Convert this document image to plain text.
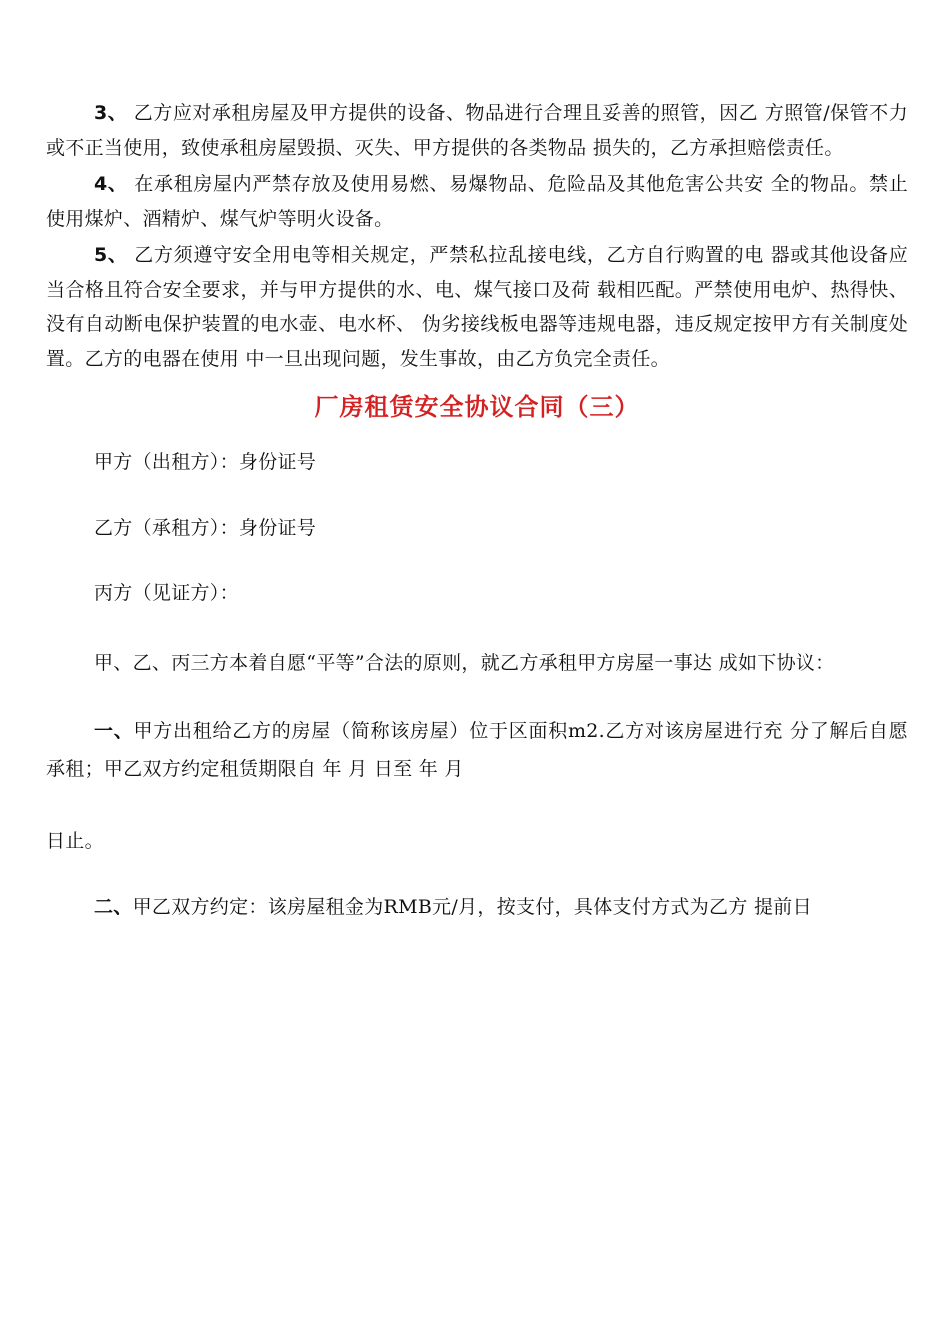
3、 乙方应对承租房屋及甲方提供的设备、物品进行合理且妥善的照管，因乙 方照管/保管不力或不正当使用，致使承租房屋毁损、灭失、甲方提供的各类物品 损失的，乙方承担赔偿责任。

4、 在承租房屋内严禁存放及使用易燃、易爆物品、危险品及其他危害公共安 全的物品。禁止使用煤炉、酒精炉、煤气炉等明火设备。

5、 乙方须遵守安全用电等相关规定，严禁私拉乱接电线，乙方自行购置的电 器或其他设备应当合格且符合安全要求，并与甲方提供的水、电、煤气接口及荷 载相匹配。严禁使用电炉、热得快、没有自动断电保护装置的电水壶、电水杯、 伪劣接线板电器等违规电器，违反规定按甲方有关制度处置。乙方的电器在使用 中一旦出现问题，发生事故，由乙方负完全责任。

厂房租赁安全协议合同（三）

甲方（出租方）：身份证号

乙方（承租方）：身份证号

丙方（见证方）：

甲、乙、丙三方本着自愿“平等”合法的原则，就乙方承租甲方房屋一事达 成如下协议：

一、甲方出租给乙方的房屋（简称该房屋）位于区面积m2.乙方对该房屋进行充 分了解后自愿承租；甲乙双方约定租赁期限自 年 月 日至 年 月

日止。

二、甲乙双方约定：该房屋租金为RMB元/月，按支付，具体支付方式为乙方 提前日
